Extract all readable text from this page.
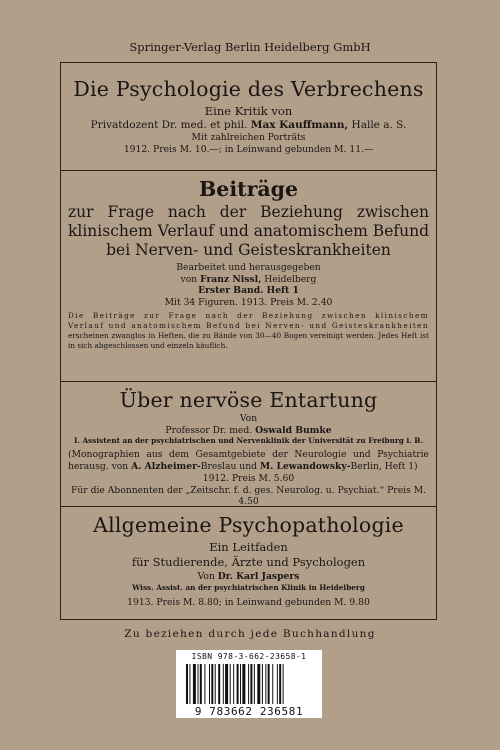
Springer-Verlag Berlin Heidelberg GmbH
Die Psychologie des Verbrechens
Eine Kritik von
Privatdozent Dr. med. et phil. Max Kauffmann, Halle a. S.
Mit zahlreichen Porträts
1912. Preis M. 10.—; in Leinwand gebunden M. 11.—
Beiträge
zur Frage nach der Beziehung zwischen klinischem Verlauf und anatomischem Befund bei Nerven- und Geisteskrankheiten
Bearbeitet und herausgegeben
von Franz Nissl, Heidelberg
Erster Band. Heft 1
Mit 34 Figuren. 1913. Preis M. 2.40
Die Beiträge zur Frage nach der Beziehung zwischen klinischem Verlauf und anatomischem Befund bei Nerven- und Geisteskrankheiten erscheinen zwanglos in Heften, die zu Bände von 30—40 Bogen vereinigt werden. Jedes Heft ist in sich abgeschlossen und einzeln käuflich.
Über nervöse Entartung
Von
Professor Dr. med. Oswald Bumke
I. Assistent an der psychiatrischen und Nervenklinik der Universität zu Freiburg i. B.
(Monographien aus dem Gesamtgebiete der Neurologie und Psychiatrie herausg. von A. Alzheimer-Breslau und M. Lewandowsky-Berlin, Heft 1)
1912. Preis M. 5.60
Für die Abonnenten der „Zeitschr. f. d. ges. Neurolog. u. Psychiat.“ Preis M. 4.50
Allgemeine Psychopathologie
Ein Leitfaden
für Studierende, Ärzte und Psychologen
Von Dr. Karl Jaspers
Wiss. Assist. an der psychiatrischen Klinik in Heidelberg
1913. Preis M. 8.80; in Leinwand gebunden M. 9.80
Zu beziehen durch jede Buchhandlung
ISBN 978-3-662-23658-1
9 783662 236581
